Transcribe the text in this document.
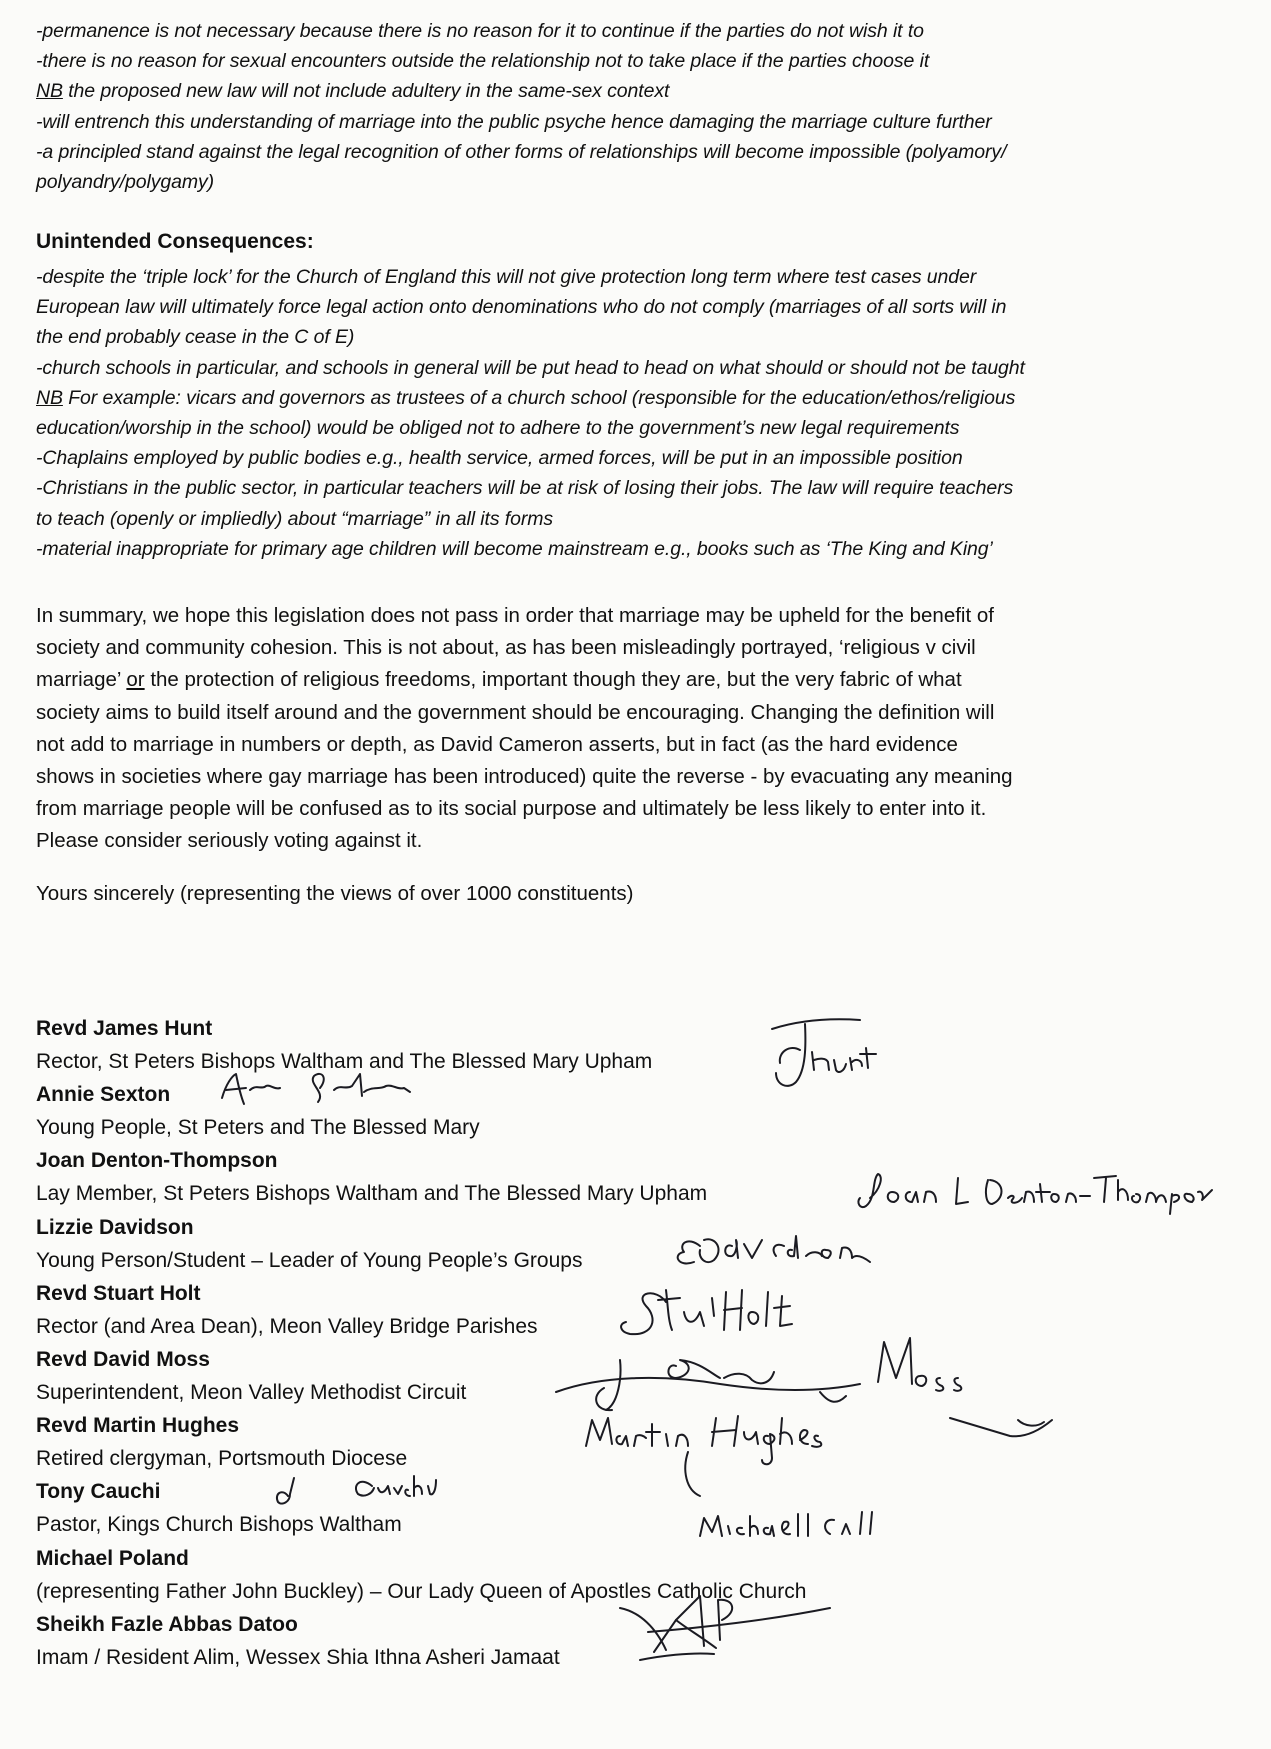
-permanence is not necessary because there is no reason for it to continue if the parties do not wish it to
-there is no reason for sexual encounters outside the relationship not to take place if the parties choose it
NB the proposed new law will not include adultery in the same-sex context
-will entrench this understanding of marriage into the public psyche hence damaging the marriage culture further
-a principled stand against the legal recognition of other forms of relationships will become impossible (polyamory/
polyandry/polygamy)
Unintended Consequences:
-despite the ‘triple lock’ for the Church of England this will not give protection long term where test cases under
European law will ultimately force legal action onto denominations who do not comply (marriages of all sorts will in
the end probably cease in the C of E)
-church schools in particular, and schools in general will be put head to head on what should or should not be taught
NB For example: vicars and governors as trustees of a church school (responsible for the education/ethos/religious
education/worship in the school) would be obliged not to adhere to the government’s new legal requirements
-Chaplains employed by public bodies e.g., health service, armed forces, will be put in an impossible position
-Christians in the public sector, in particular teachers will be at risk of losing their jobs. The law will require teachers
to teach (openly or impliedly) about “marriage” in all its forms
-material inappropriate for primary age children will become mainstream e.g., books such as ‘The King and King’
In summary, we hope this legislation does not pass in order that marriage may be upheld for the benefit of
society and community cohesion. This is not about, as has been misleadingly portrayed, ‘religious v civil
marriage’ or the protection of religious freedoms, important though they are, but the very fabric of what
society aims to build itself around and the government should be encouraging. Changing the definition will
not add to marriage in numbers or depth, as David Cameron asserts, but in fact (as the hard evidence
shows in societies where gay marriage has been introduced) quite the reverse - by evacuating any meaning
from marriage people will be confused as to its social purpose and ultimately be less likely to enter into it.
Please consider seriously voting against it.
Yours sincerely (representing the views of over 1000 constituents)
Revd James Hunt
Rector, St Peters Bishops Waltham and The Blessed Mary Upham
Annie Sexton
Young People, St Peters and The Blessed Mary
Joan Denton-Thompson
Lay Member, St Peters Bishops Waltham and The Blessed Mary Upham
Lizzie Davidson
Young Person/Student – Leader of Young People’s Groups
Revd Stuart Holt
Rector (and Area Dean), Meon Valley Bridge Parishes
Revd David Moss
Superintendent, Meon Valley Methodist Circuit
Revd Martin Hughes
Retired clergyman, Portsmouth Diocese
Tony Cauchi
Pastor, Kings Church Bishops Waltham
Michael Poland
(representing Father John Buckley) – Our Lady Queen of Apostles Catholic Church
Sheikh Fazle Abbas Datoo
Imam / Resident Alim, Wessex Shia Ithna Asheri Jamaat
